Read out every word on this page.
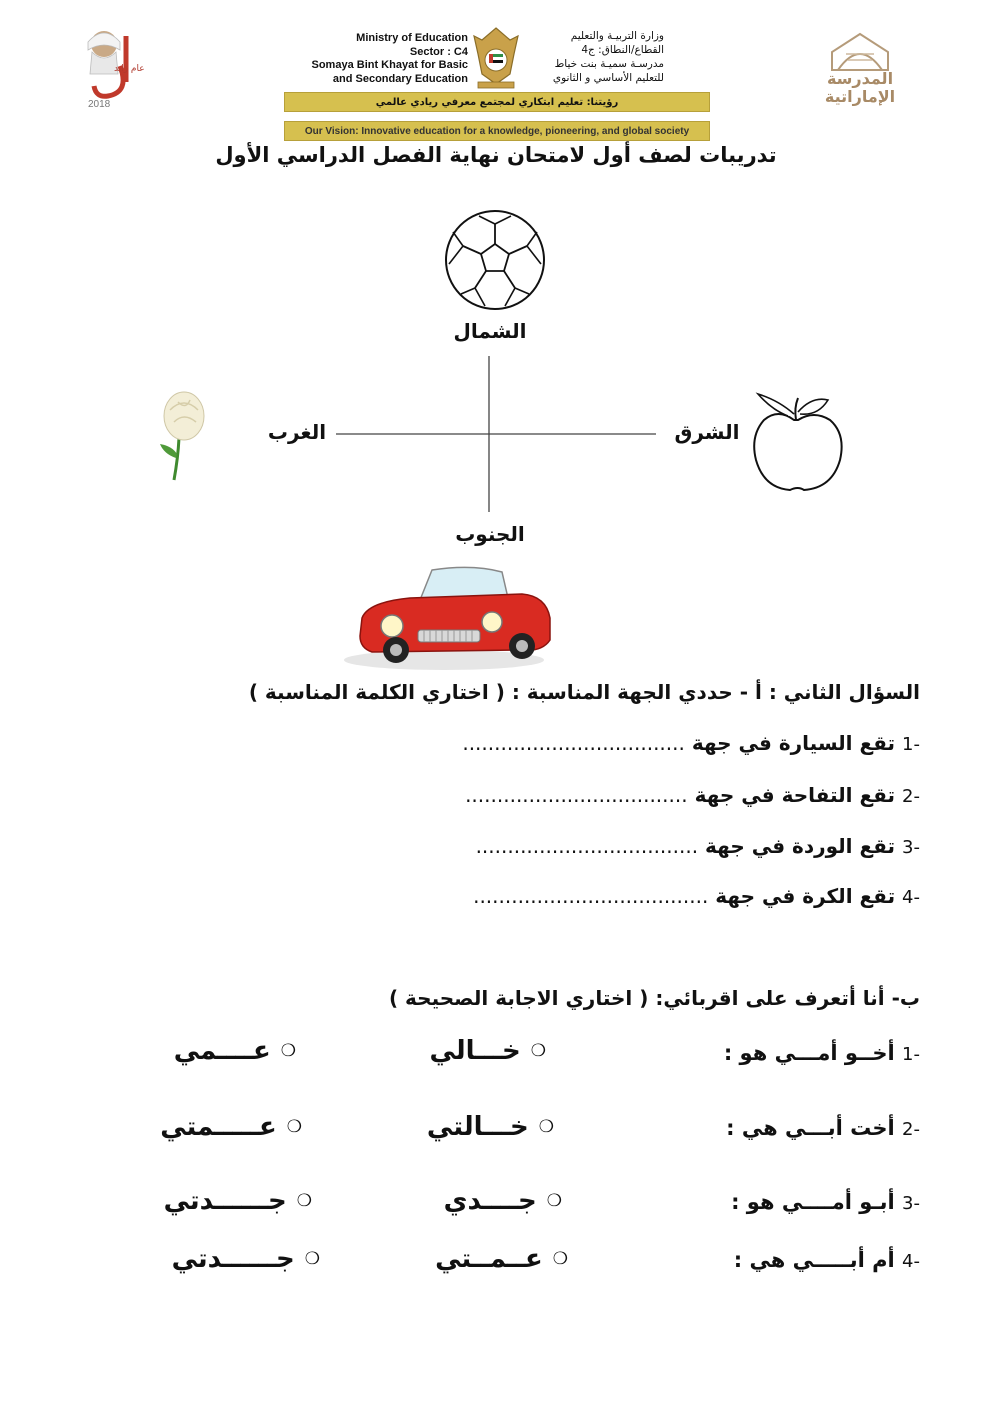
عام زايد
2018
Ministry of Education
Sector : C4
Somaya Bint Khayat for Basic
and Secondary Education
وزارة التربيـة والتعليم
القطاع/النطاق: ج4
مدرسـة سميـة بنت خياط
للتعليم الأساسي و الثانوي	المدرسة الإماراتية
رؤيتنا: تعليم ابتكاري لمجتمع معرفي ريادي عالمي
Our Vision: Innovative education for a knowledge, pioneering, and global society
تدريبات لصف أول لامتحان نهاية الفصل الدراسي الأول
الشمال
الجنوب
الشرق
الغرب
السؤال الثاني : أ - حددي الجهة المناسبة : ( اختاري الكلمة المناسبة )
-1 تقع السيارة في جهة ...................................
-2 تقع التفاحة في جهة ...................................
-3 تقع الوردة في جهة ...................................
-4 تقع الكرة في جهة .....................................
ب- أنا أتعرف على اقربائي: ( اختاري الاجابة الصحيحة )
-1 أخــو أمـــي هو :
❍
خـــالي
❍
عــــمي
-2 أخت أبـــي هي :
❍
خـــالتي
❍
عـــــمتي
-3 أبـو أمــــي هو :
❍
جــــدي
❍
جــــــدتي
-4 أم أبـــــي هي :
❍
عــمــتي
❍
جــــــدتي
